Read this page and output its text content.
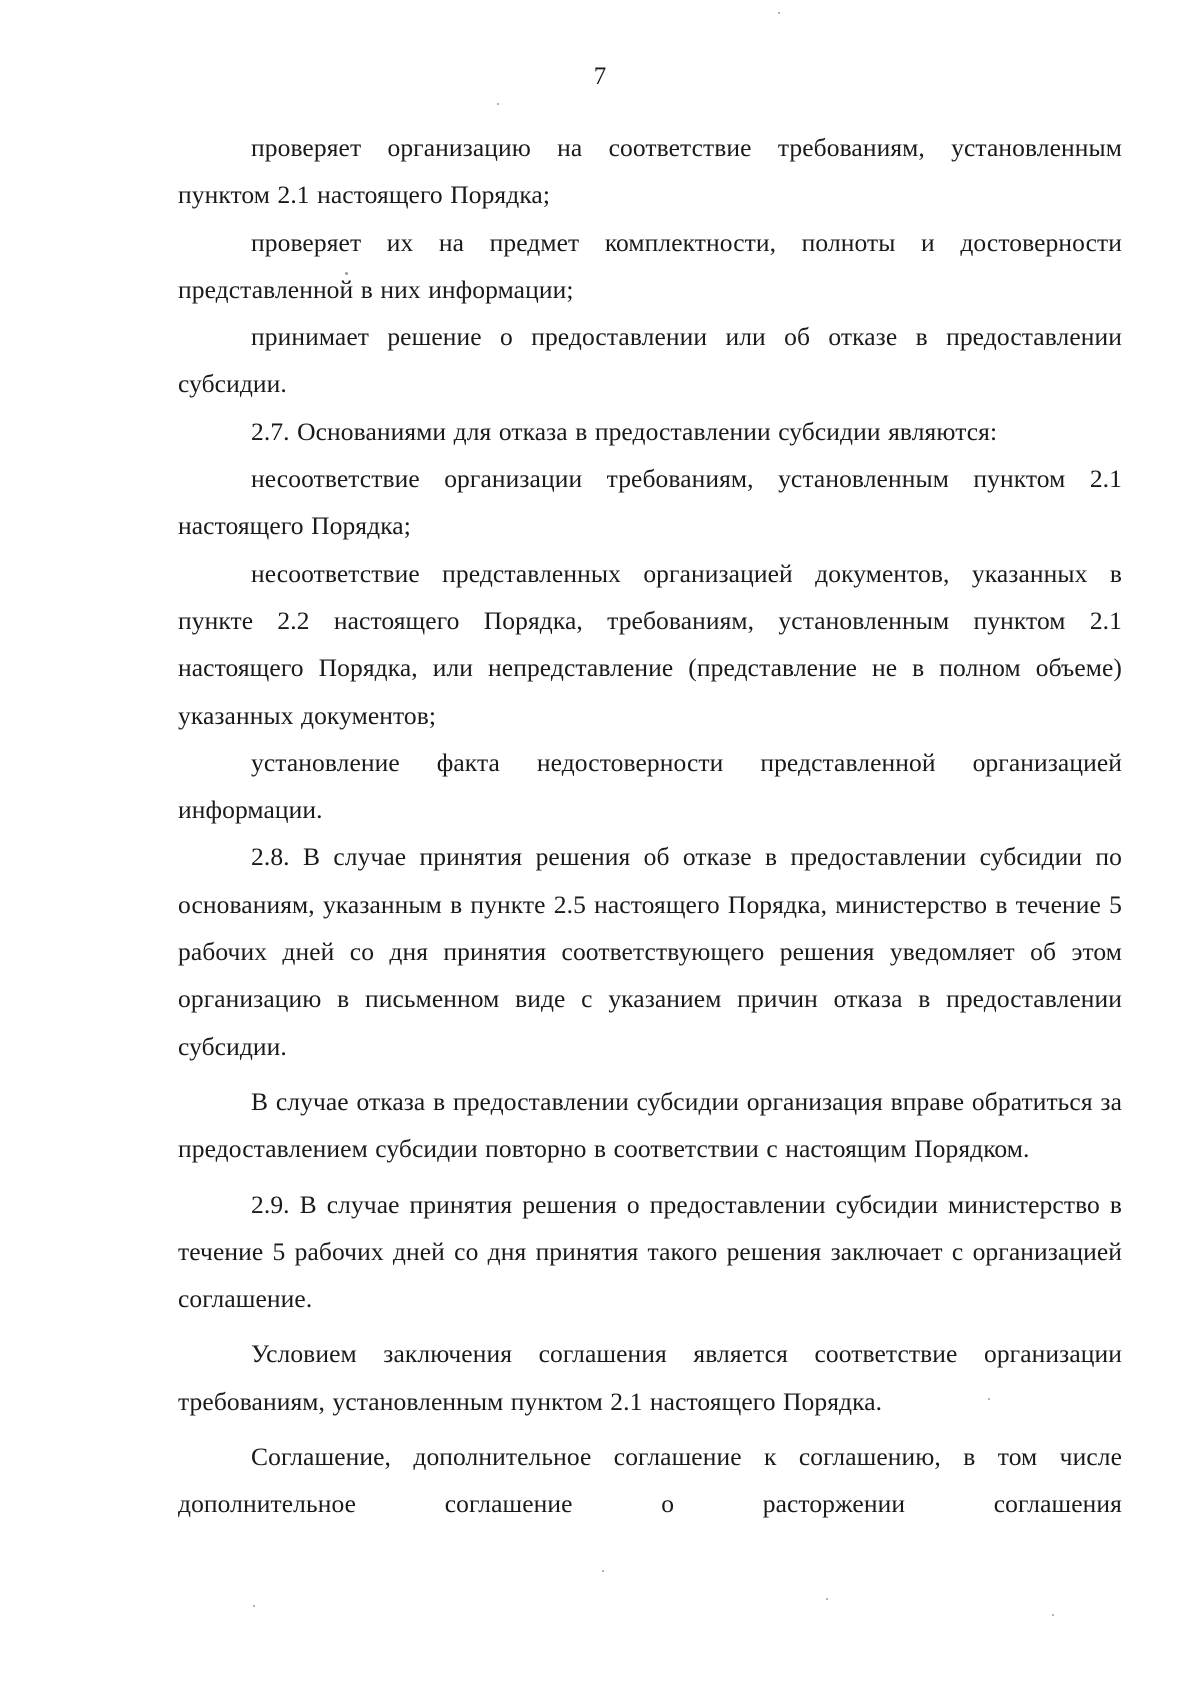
7

проверяет организацию на соответствие требованиям, установленным пунктом 2.1 настоящего Порядка;

проверяет их на предмет комплектности, полноты и достоверности представленной в них информации;

принимает решение о предоставлении или об отказе в предоставлении субсидии.

2.7. Основаниями для отказа в предоставлении субсидии являются:

несоответствие организации требованиям, установленным пунктом 2.1 настоящего Порядка;

несоответствие представленных организацией документов, указанных в пункте 2.2 настоящего Порядка, требованиям, установленным пунктом 2.1 настоящего Порядка, или непредставление (представление не в полном объеме) указанных документов;

установление факта недостоверности представленной организацией информации.

2.8. В случае принятия решения об отказе в предоставлении субсидии по основаниям, указанным в пункте 2.5 настоящего Порядка, министерство в течение 5 рабочих дней со дня принятия соответствующего решения уведомляет об этом организацию в письменном виде с указанием причин отказа в предоставлении субсидии.

В случае отказа в предоставлении субсидии организация вправе обратиться за предоставлением субсидии повторно в соответствии с настоящим Порядком.

2.9. В случае принятия решения о предоставлении субсидии министерство в течение 5 рабочих дней со дня принятия такого решения заключает с организацией соглашение.

Условием заключения соглашения является соответствие организации требованиям, установленным пунктом 2.1 настоящего Порядка.

Соглашение, дополнительное соглашение к соглашению, в том числе дополнительное соглашение о расторжении соглашения
